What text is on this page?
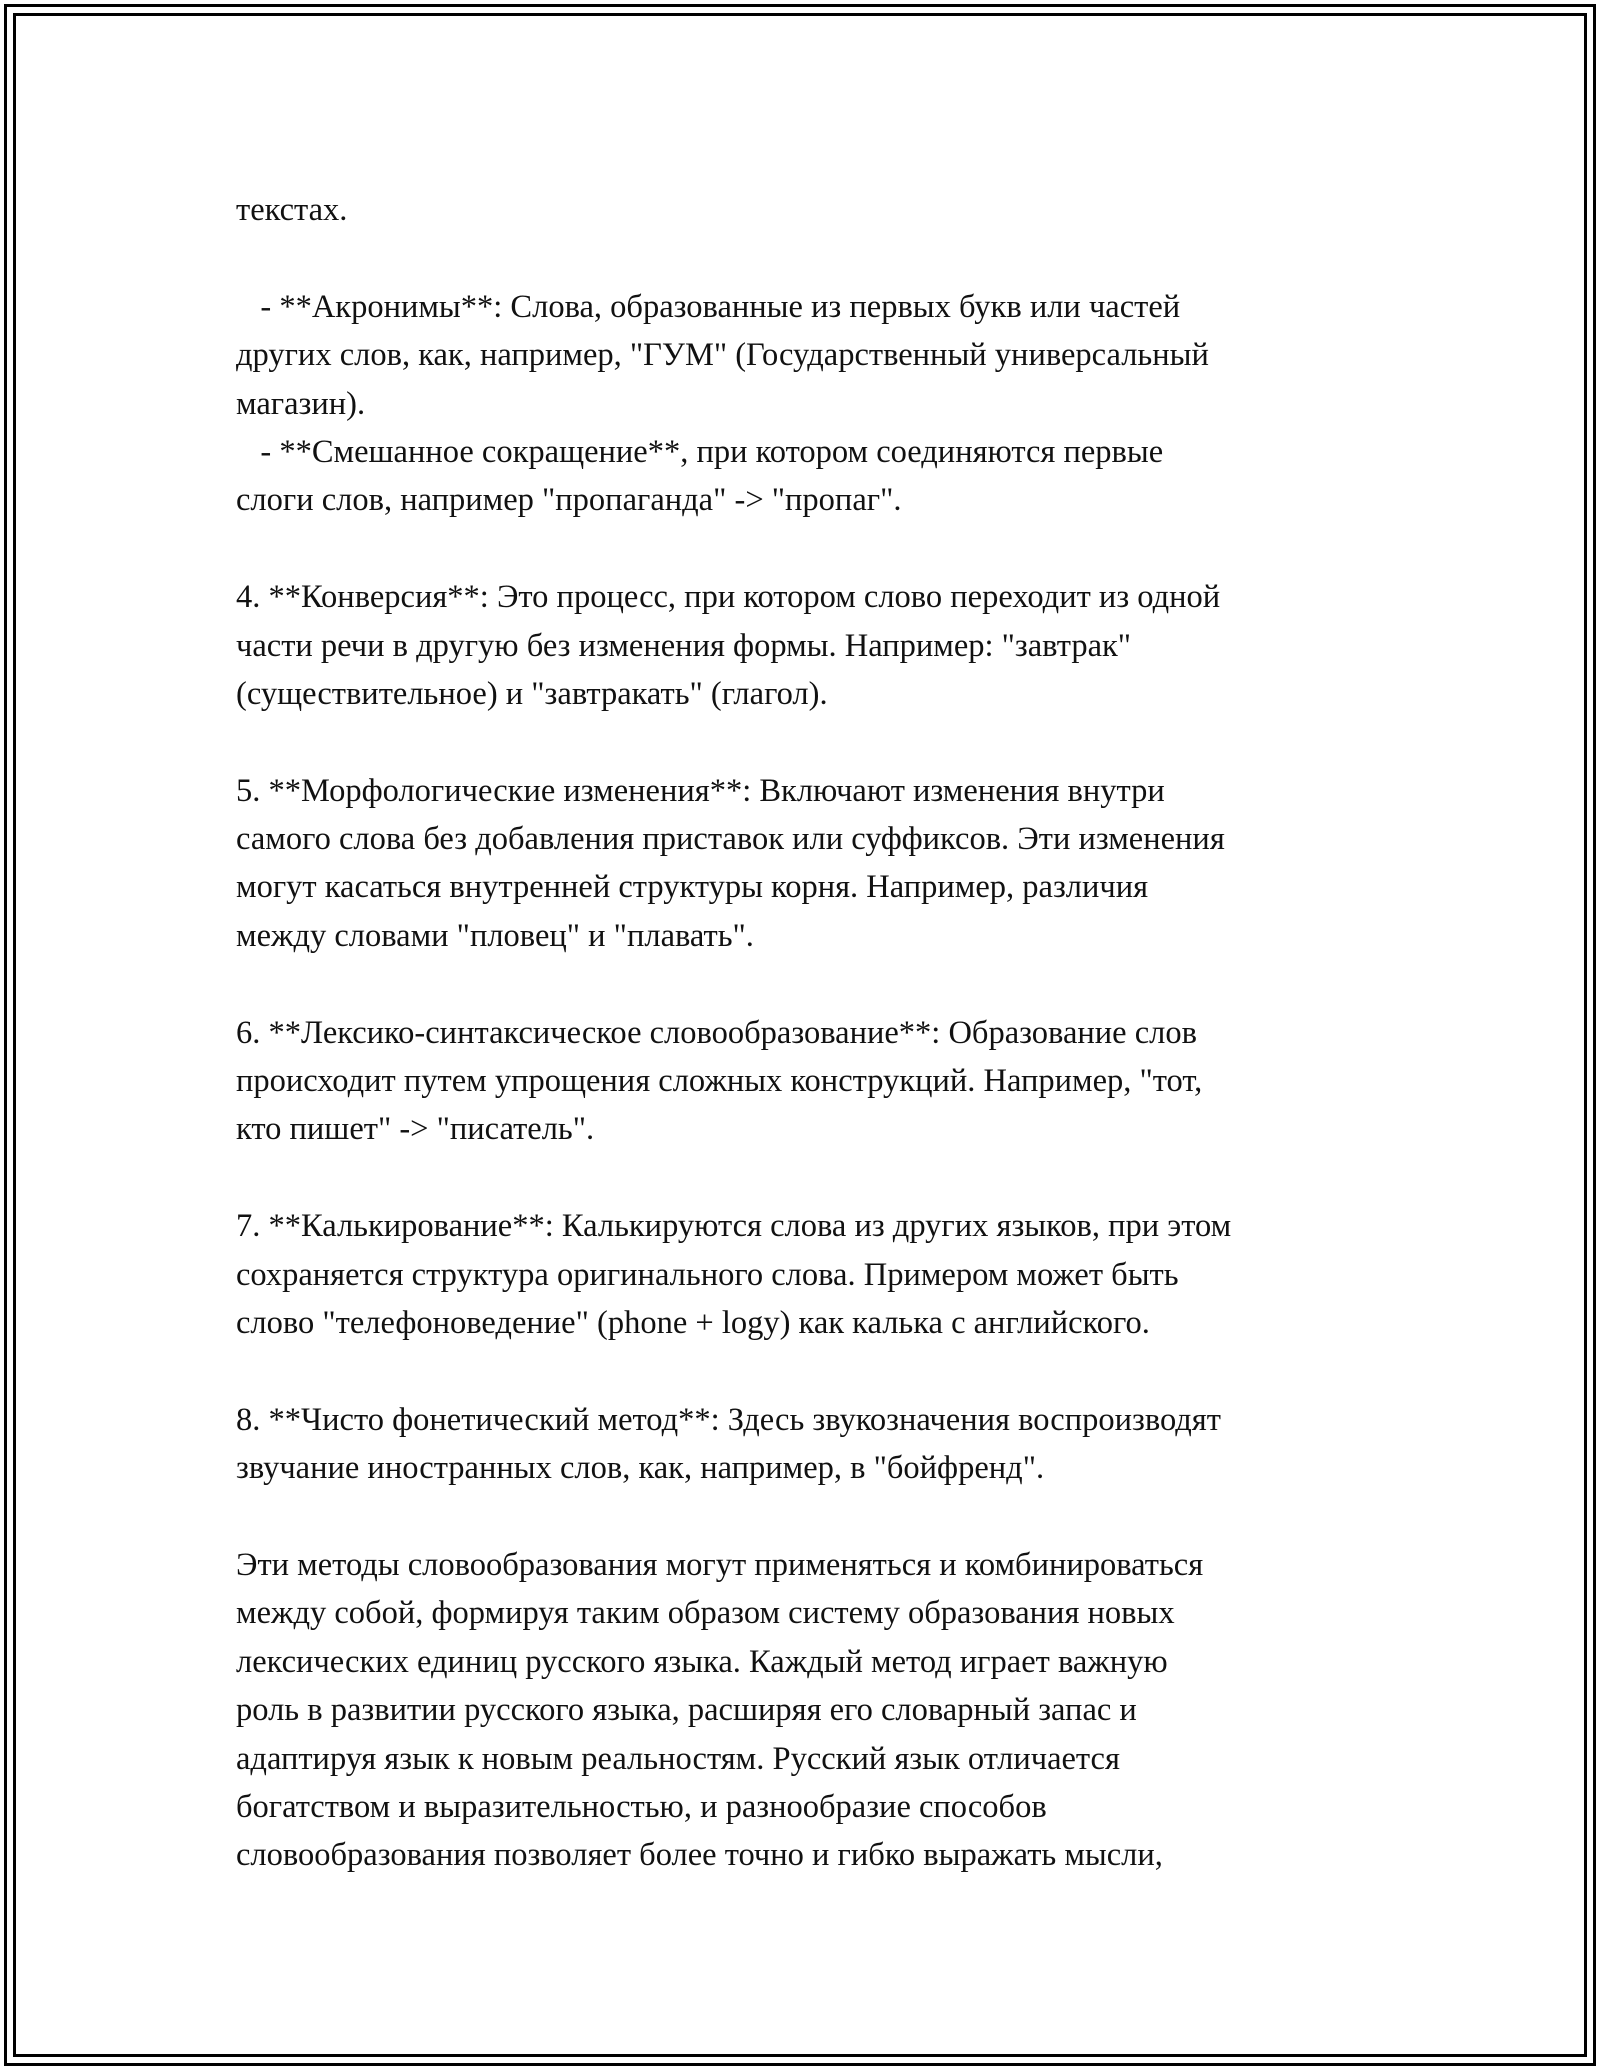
текстах.
- **Акронимы**: Слова, образованные из первых букв или частей
других слов, как, например, "ГУМ" (Государственный универсальный
магазин).
- **Смешанное сокращение**, при котором соединяются первые
слоги слов, например "пропаганда" -> "пропаг".
4. **Конверсия**: Это процесс, при котором слово переходит из одной
части речи в другую без изменения формы. Например: "завтрак"
(существительное) и "завтракать" (глагол).
5. **Морфологические изменения**: Включают изменения внутри
самого слова без добавления приставок или суффиксов. Эти изменения
могут касаться внутренней структуры корня. Например, различия
между словами "пловец" и "плавать".
6. **Лексико-синтаксическое словообразование**: Образование слов
происходит путем упрощения сложных конструкций. Например, "тот,
кто пишет" -> "писатель".
7. **Калькирование**: Калькируются слова из других языков, при этом
сохраняется структура оригинального слова. Примером может быть
слово "телефоноведение" (phone + logy) как калька с английского.
8. **Чисто фонетический метод**: Здесь звукозначения воспроизводят
звучание иностранных слов, как, например, в "бойфренд".
Эти методы словообразования могут применяться и комбинироваться
между собой, формируя таким образом систему образования новых
лексических единиц русского языка. Каждый метод играет важную
роль в развитии русского языка, расширяя его словарный запас и
адаптируя язык к новым реальностям. Русский язык отличается
богатством и выразительностью, и разнообразие способов
словообразования позволяет более точно и гибко выражать мысли,
